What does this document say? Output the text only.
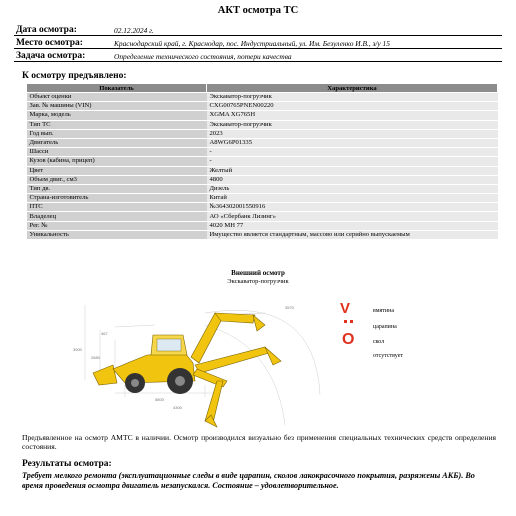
АКТ осмотра ТС
Дата осмотра:	02.12.2024 г.
Место осмотра:	Краснодарский край, г. Краснодар, пос. Индустриальный, ул. Им. Безуленко И.В., з/у 15
Задача осмотра:	Определение технического состояния, потери качества
К осмотру предъявлено:
Показатель	Характеристика
Объект оценки	Экскаватор-погрузчик
Зав. № машины (VIN)	CXG00765PNEN00220
Марка, модель	XGMA XG765H
Тип ТС	Экскаватор-погрузчик
Год вып.	2023
Двигатель	A8WG6P01335
Шасси	-
Кузов (кабина, прицеп)	-
Цвет	Желтый
Объем двиг., см3	4800
Тип дв.	Дизель
Страна-изготовитель	Китай
ПТС	№364302001550916
Владелец	АО «Сбербанк Лизинг»
Рег. №	4020 МН 77
Уникальность	Имущество является стандартным, массово или серийно выпускаемым
Внешний осмотр
Экскаватор-погрузчик
3900
2680
5800
3570
4300
467
V	вмятина
царапина
O	скол
отсутствует
Предъявленное на осмотр АМТС в наличии. Осмотр производился визуально без применения специальных технических средств определения состояния.
Результаты осмотра:
Требует мелкого ремонта (эксплуатационные следы в виде царапин, сколов лакокрасочного покрытия, разряжены АКБ). Во время проведения осмотра двигатель незапускался. Состояние – удовлетворительное.
